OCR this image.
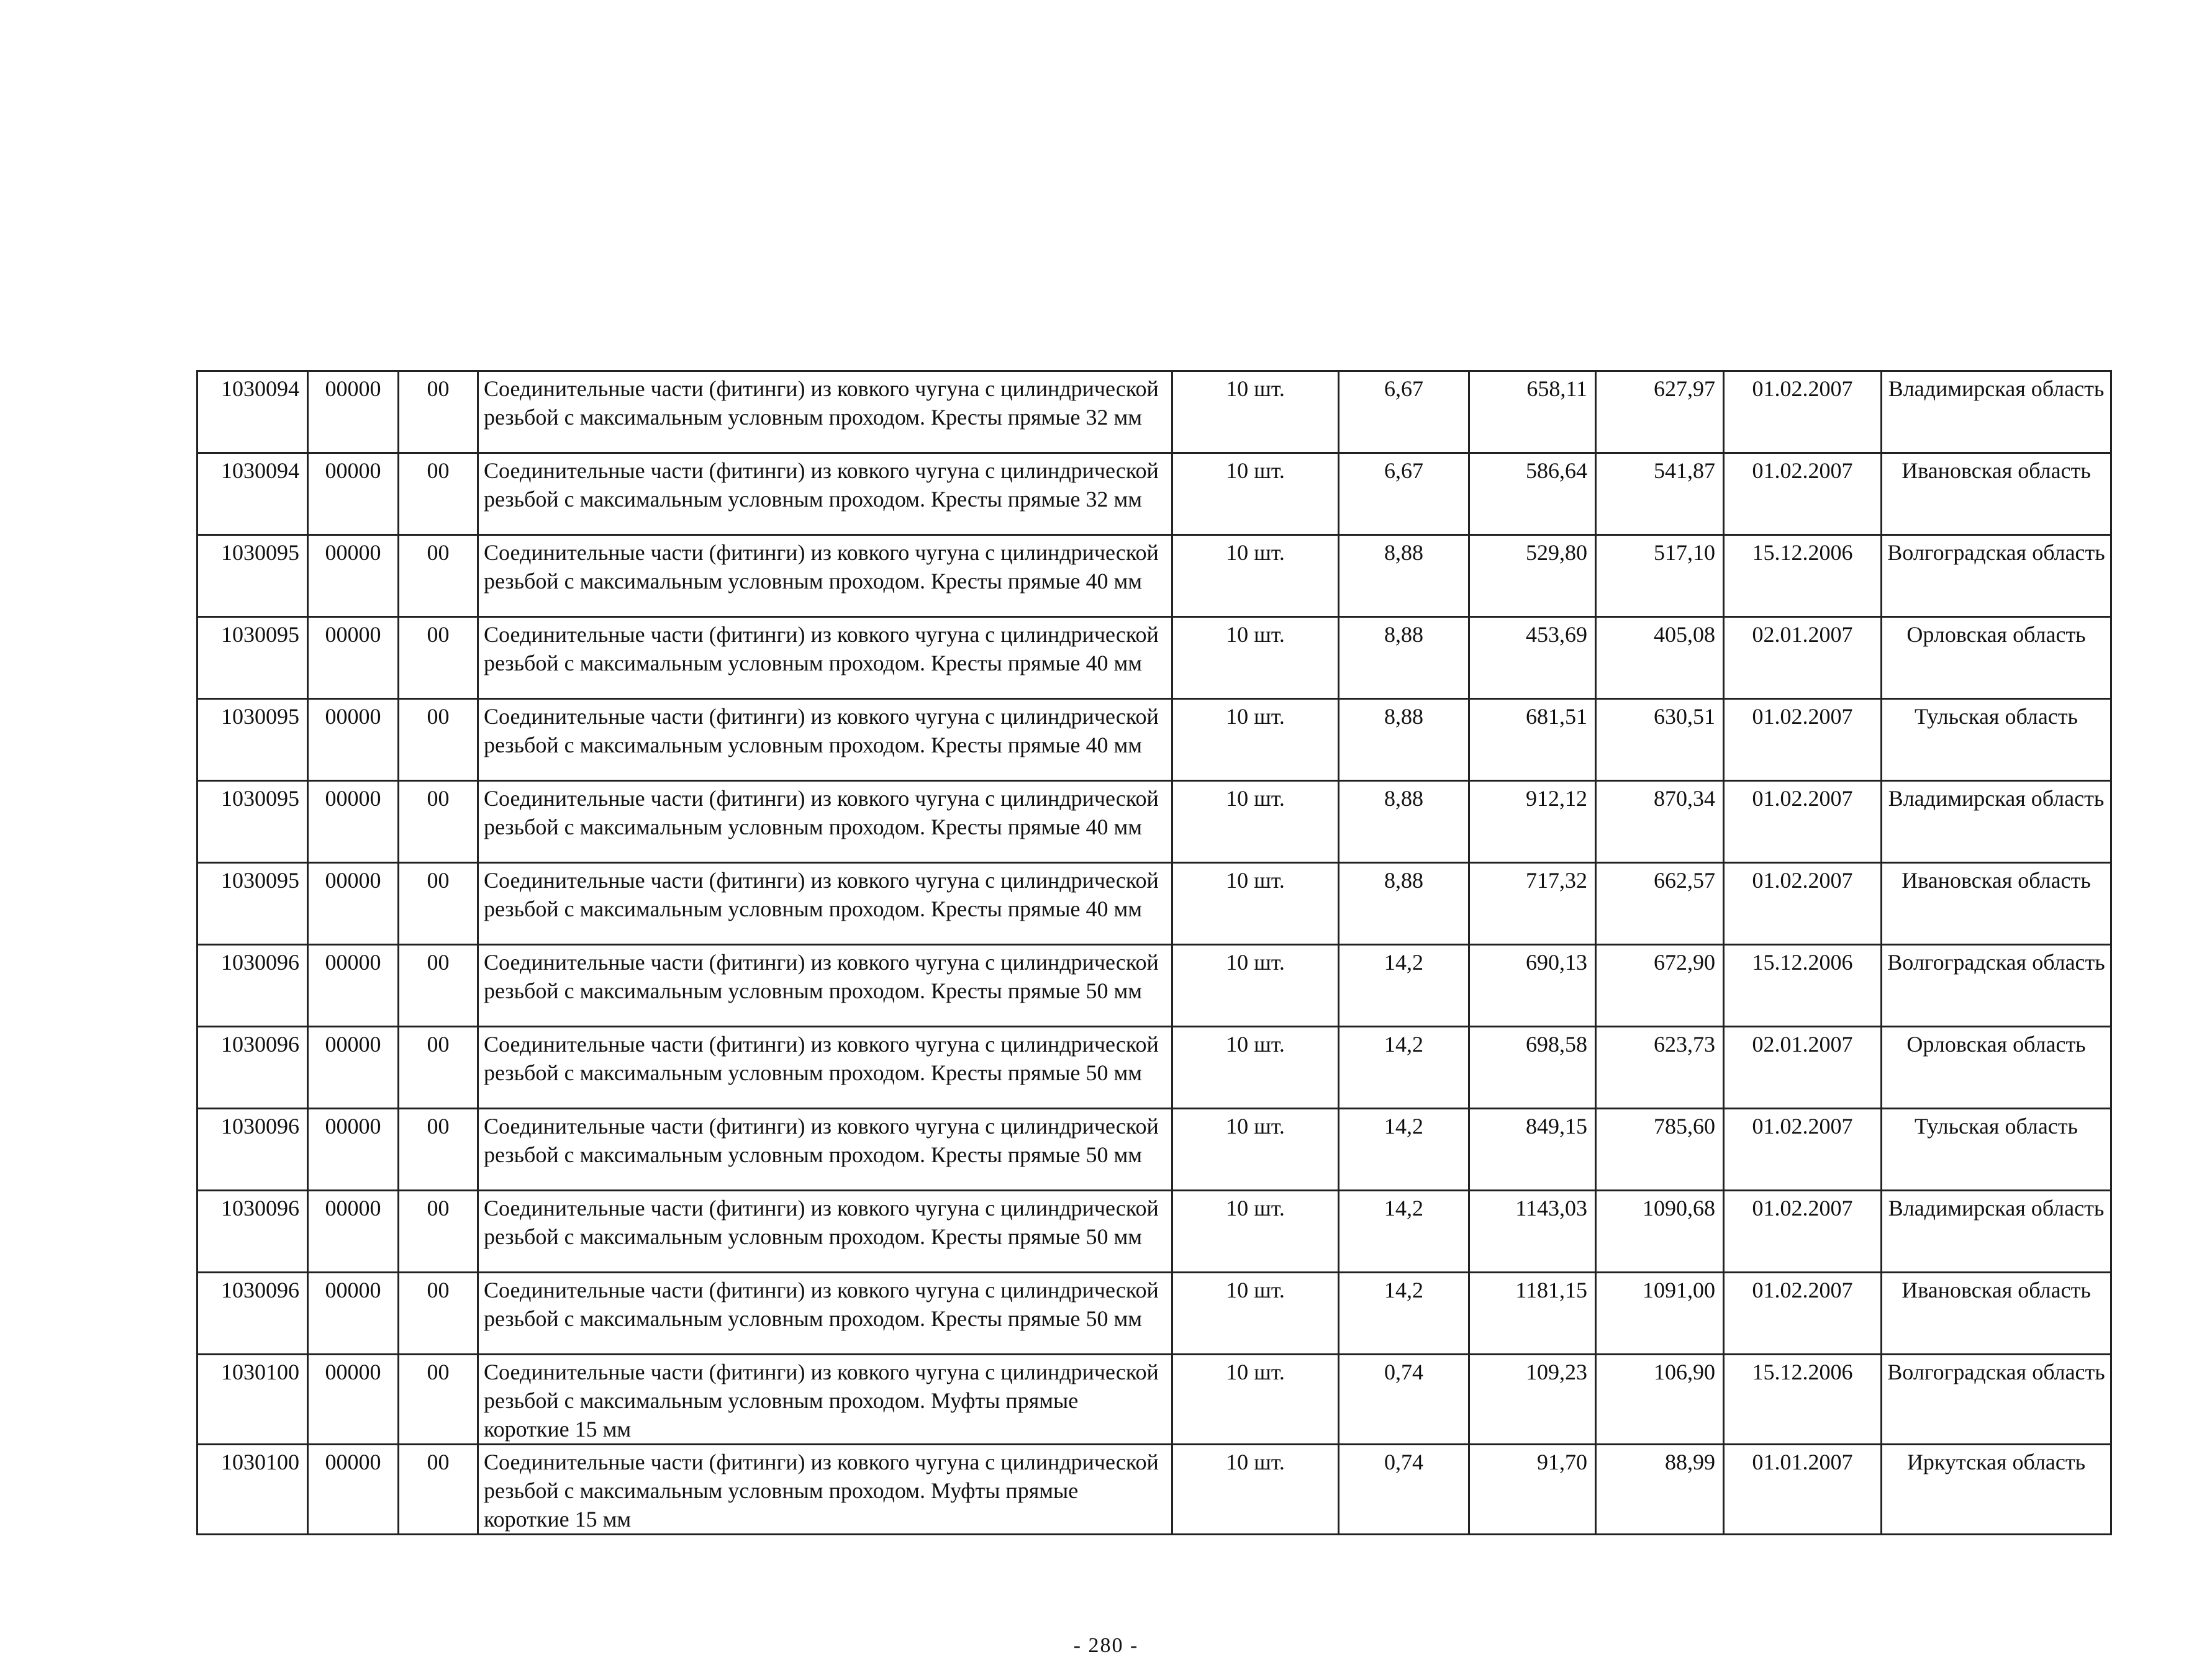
1030094	00000	00	Соединительные части (фитинги) из ковкого чугуна с цилиндрической резьбой с максимальным условным проходом. Кресты прямые 32 мм	10 шт.	6,67	658,11	627,97	01.02.2007	Владимирская область
1030094	00000	00	Соединительные части (фитинги) из ковкого чугуна с цилиндрической резьбой с максимальным условным проходом. Кресты прямые 32 мм	10 шт.	6,67	586,64	541,87	01.02.2007	Ивановская область
1030095	00000	00	Соединительные части (фитинги) из ковкого чугуна с цилиндрической резьбой с максимальным условным проходом. Кресты прямые 40 мм	10 шт.	8,88	529,80	517,10	15.12.2006	Волгоградская область
1030095	00000	00	Соединительные части (фитинги) из ковкого чугуна с цилиндрической резьбой с максимальным условным проходом. Кресты прямые 40 мм	10 шт.	8,88	453,69	405,08	02.01.2007	Орловская область
1030095	00000	00	Соединительные части (фитинги) из ковкого чугуна с цилиндрической резьбой с максимальным условным проходом. Кресты прямые 40 мм	10 шт.	8,88	681,51	630,51	01.02.2007	Тульская область
1030095	00000	00	Соединительные части (фитинги) из ковкого чугуна с цилиндрической резьбой с максимальным условным проходом. Кресты прямые 40 мм	10 шт.	8,88	912,12	870,34	01.02.2007	Владимирская область
1030095	00000	00	Соединительные части (фитинги) из ковкого чугуна с цилиндрической резьбой с максимальным условным проходом. Кресты прямые 40 мм	10 шт.	8,88	717,32	662,57	01.02.2007	Ивановская область
1030096	00000	00	Соединительные части (фитинги) из ковкого чугуна с цилиндрической резьбой с максимальным условным проходом. Кресты прямые 50 мм	10 шт.	14,2	690,13	672,90	15.12.2006	Волгоградская область
1030096	00000	00	Соединительные части (фитинги) из ковкого чугуна с цилиндрической резьбой с максимальным условным проходом. Кресты прямые 50 мм	10 шт.	14,2	698,58	623,73	02.01.2007	Орловская область
1030096	00000	00	Соединительные части (фитинги) из ковкого чугуна с цилиндрической резьбой с максимальным условным проходом. Кресты прямые 50 мм	10 шт.	14,2	849,15	785,60	01.02.2007	Тульская область
1030096	00000	00	Соединительные части (фитинги) из ковкого чугуна с цилиндрической резьбой с максимальным условным проходом. Кресты прямые 50 мм	10 шт.	14,2	1143,03	1090,68	01.02.2007	Владимирская область
1030096	00000	00	Соединительные части (фитинги) из ковкого чугуна с цилиндрической резьбой с максимальным условным проходом. Кресты прямые 50 мм	10 шт.	14,2	1181,15	1091,00	01.02.2007	Ивановская область
1030100	00000	00	Соединительные части (фитинги) из ковкого чугуна с цилиндрической резьбой с максимальным условным проходом. Муфты прямые короткие 15 мм	10 шт.	0,74	109,23	106,90	15.12.2006	Волгоградская область
1030100	00000	00	Соединительные части (фитинги) из ковкого чугуна с цилиндрической резьбой с максимальным условным проходом. Муфты прямые короткие 15 мм	10 шт.	0,74	91,70	88,99	01.01.2007	Иркутская область
- 280 -
